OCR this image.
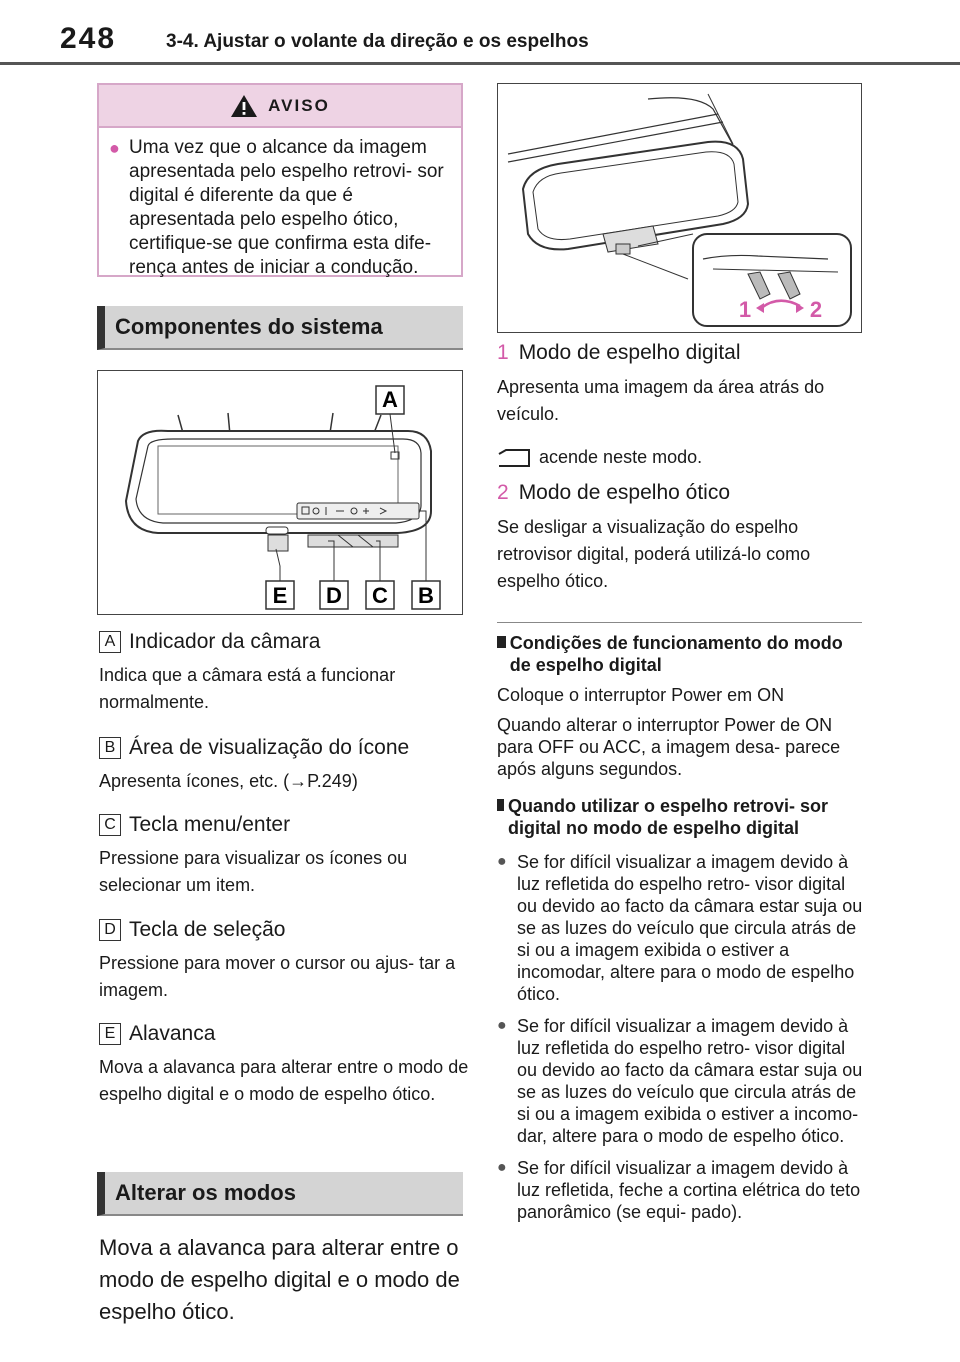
248	3-4. Ajustar o volante da direção e os espelhos
AVISO
● Uma vez que o alcance da imagem apresentada pelo espelho retrovi- sor digital é diferente da que é apresentada pelo espelho ótico, certifique-se que confirma esta dife- rença antes de iniciar a condução.
Componentes do sistema
A
E D C B
A Indicador da câmara
Indica que a câmara está a funcionar normalmente.
B Área de visualização do ícone
Apresenta ícones, etc. (→P.249)
C Tecla menu/enter
Pressione para visualizar os ícones ou selecionar um item.
D Tecla de seleção
Pressione para mover o cursor ou ajus- tar a imagem.
E Alavanca
Mova a alavanca para alterar entre o modo de espelho digital e o modo de espelho ótico.
Alterar os modos
Mova a alavanca para alterar entre o modo de espelho digital e o modo de espelho ótico.
1	2
1 Modo de espelho digital
Apresenta uma imagem da área atrás do veículo.
acende neste modo.
2 Modo de espelho ótico
Se desligar a visualização do espelho retrovisor digital, poderá utilizá-lo como espelho ótico.
Condições de funcionamento do modo de espelho digital
Coloque o interruptor Power em ON
Quando alterar o interruptor Power de ON para OFF ou ACC, a imagem desa- parece após alguns segundos.
Quando utilizar o espelho retrovi- sor digital no modo de espelho digital
● Se for difícil visualizar a imagem devido à luz refletida do espelho retro- visor digital ou devido ao facto da câmara estar suja ou se as luzes do veículo que circula atrás de si ou a imagem exibida o estiver a incomodar, altere para o modo de espelho ótico.
● Se for difícil visualizar a imagem devido à luz refletida do espelho retro- visor digital ou devido ao facto da câmara estar suja ou se as luzes do veículo que circula atrás de si ou a imagem exibida o estiver a incomo- dar, altere para o modo de espelho ótico.
● Se for difícil visualizar a imagem devido à luz refletida, feche a cortina elétrica do teto panorâmico (se equi- pado).
